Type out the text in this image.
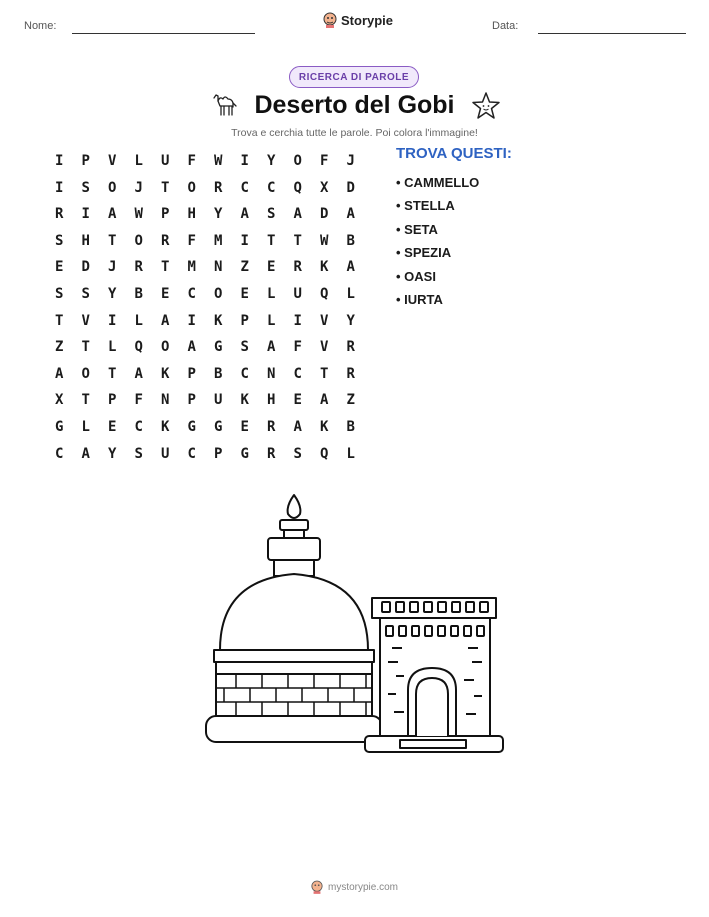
Nome:	Storypie	Data:
RICERCA DI PAROLE
Deserto del Gobi
Trova e cerchia tutte le parole. Poi colora l'immagine!
I	P	V	L	U	F	W	I	Y	O	F	J
I	S	O	J	T	O	R	C	C	Q	X	D
R	I	A	W	P	H	Y	A	S	A	D	A
S	H	T	O	R	F	M	I	T	T	W	B
E	D	J	R	T	M	N	Z	E	R	K	A
S	S	Y	B	E	C	O	E	L	U	Q	L
T	V	I	L	A	I	K	P	L	I	V	Y
Z	T	L	Q	O	A	G	S	A	F	V	R
A	O	T	A	K	P	B	C	N	C	T	R
X	T	P	F	N	P	U	K	H	E	A	Z
G	L	E	C	K	G	G	E	R	A	K	B
C	A	Y	S	U	C	P	G	R	S	Q	L
TROVA QUESTI:
• CAMMELLO
• STELLA
• SETA
• SPEZIA
• OASI
• IURTA
mystorypie.com
